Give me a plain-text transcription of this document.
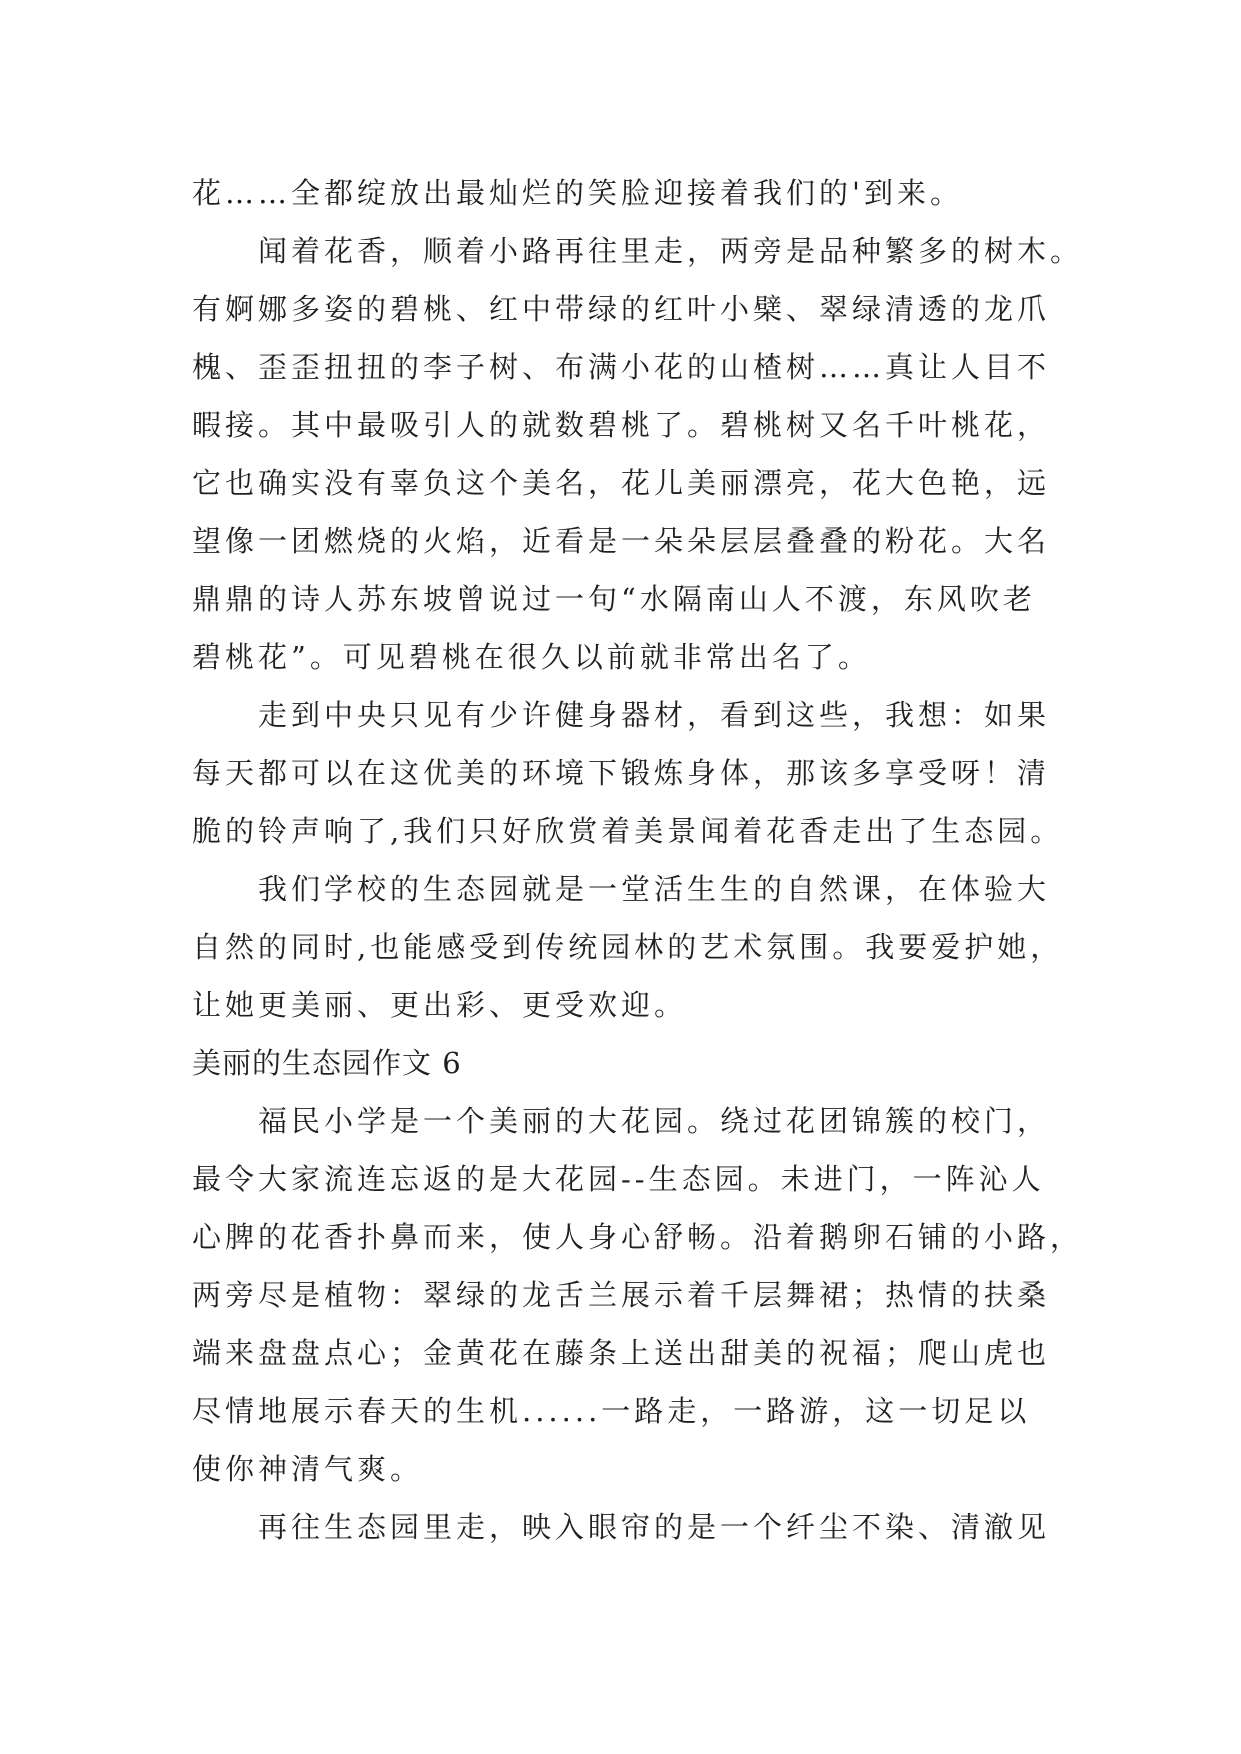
花……全都绽放出最灿烂的笑脸迎接着我们的'到来。
闻着花香，顺着小路再往里走，两旁是品种繁多的树木。
有婀娜多姿的碧桃、红中带绿的红叶小檗、翠绿清透的龙爪
槐、歪歪扭扭的李子树、布满小花的山楂树……真让人目不
暇接。其中最吸引人的就数碧桃了。碧桃树又名千叶桃花，
它也确实没有辜负这个美名，花儿美丽漂亮，花大色艳，远
望像一团燃烧的火焰，近看是一朵朵层层叠叠的粉花。大名
鼎鼎的诗人苏东坡曾说过一句“水隔南山人不渡，东风吹老
碧桃花”。可见碧桃在很久以前就非常出名了。
走到中央只见有少许健身器材，看到这些，我想：如果
每天都可以在这优美的环境下锻炼身体，那该多享受呀！清
脆的铃声响了,我们只好欣赏着美景闻着花香走出了生态园。
我们学校的生态园就是一堂活生生的自然课，在体验大
自然的同时,也能感受到传统园林的艺术氛围。我要爱护她，
让她更美丽、更出彩、更受欢迎。
美丽的生态园作文 6
福民小学是一个美丽的大花园。绕过花团锦簇的校门，
最令大家流连忘返的是大花园--生态园。未进门，一阵沁人
心脾的花香扑鼻而来，使人身心舒畅。沿着鹅卵石铺的小路，
两旁尽是植物：翠绿的龙舌兰展示着千层舞裙；热情的扶桑
端来盘盘点心；金黄花在藤条上送出甜美的祝福；爬山虎也
尽情地展示春天的生机......一路走，一路游，这一切足以
使你神清气爽。
再往生态园里走，映入眼帘的是一个纤尘不染、清澈见
